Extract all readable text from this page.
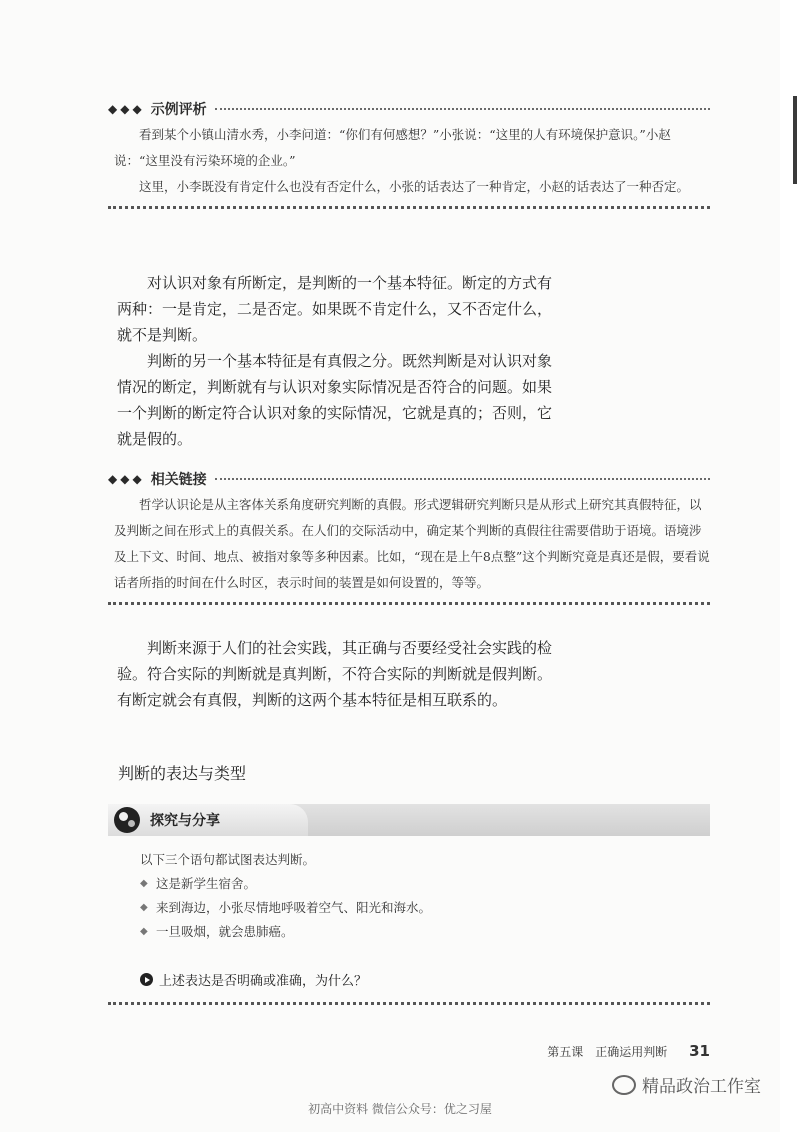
◆◆◆ 示例评析

看到某个小镇山清水秀，小李问道：“你们有何感想？”小张说：“这里的人有环境保护意识。”小赵说：“这里没有污染环境的企业。”

这里，小李既没有肯定什么也没有否定什么，小张的话表达了一种肯定，小赵的话表达了一种否定。

对认识对象有所断定，是判断的一个基本特征。断定的方式有两种：一是肯定，二是否定。如果既不肯定什么，又不否定什么，就不是判断。

判断的另一个基本特征是有真假之分。既然判断是对认识对象情况的断定，判断就有与认识对象实际情况是否符合的问题。如果一个判断的断定符合认识对象的实际情况，它就是真的；否则，它就是假的。

◆◆◆ 相关链接

哲学认识论是从主客体关系角度研究判断的真假。形式逻辑研究判断只是从形式上研究其真假特征，以及判断之间在形式上的真假关系。在人们的交际活动中，确定某个判断的真假往往需要借助于语境。语境涉及上下文、时间、地点、被指对象等多种因素。比如，“现在是上午8点整”这个判断究竟是真还是假，要看说话者所指的时间在什么时区，表示时间的装置是如何设置的，等等。

判断来源于人们的社会实践，其正确与否要经受社会实践的检验。符合实际的判断就是真判断，不符合实际的判断就是假判断。有断定就会有真假，判断的这两个基本特征是相互联系的。

判断的表达与类型
探究与分享
以下三个语句都试图表达判断。
◆ 这是新学生宿舍。
◆ 来到海边，小张尽情地呼吸着空气、阳光和海水。
◆ 一旦吸烟，就会患肺癌。
上述表达是否明确或准确，为什么？
第五课　正确运用判断 31
精品政治工作室
初高中资料 微信公众号：优之习屋
